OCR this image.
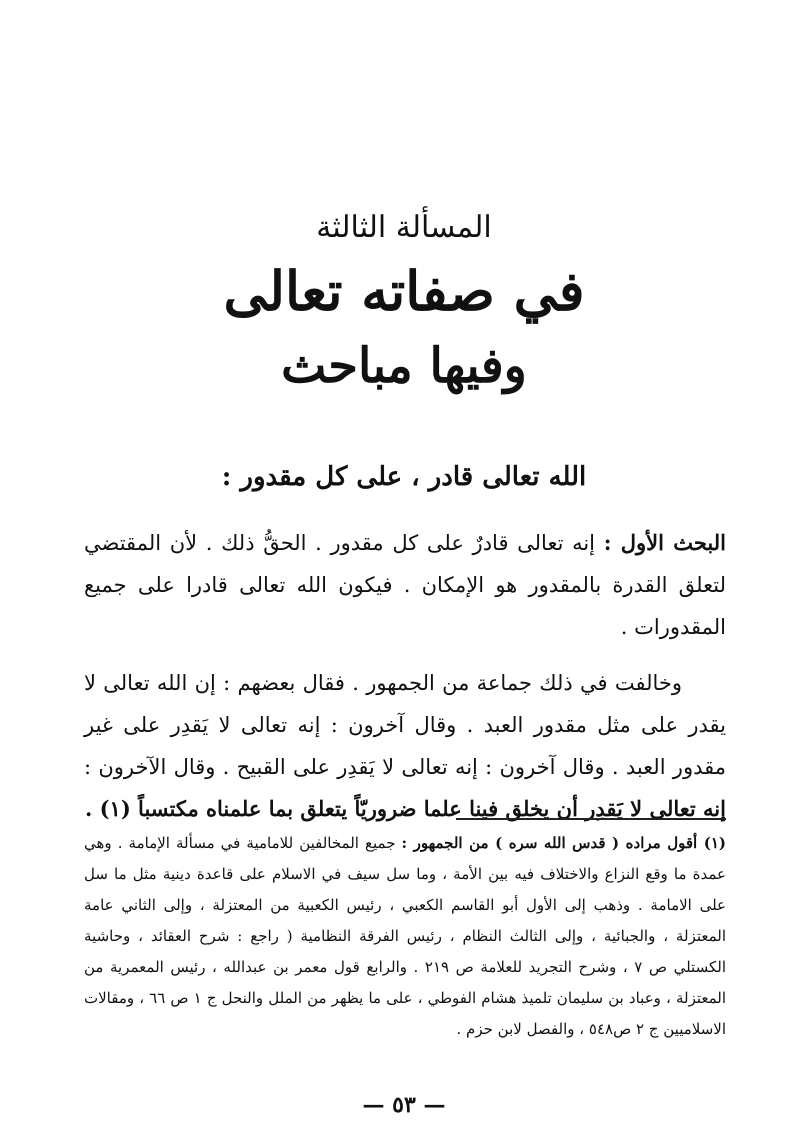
المسألة الثالثة
في صفاته تعالى
وفيها مباحث
الله تعالى قادر ، على كل مقدور :

البحث الأول : إنه تعالى قادرٌ على كل مقدور . الحقُّ ذلك . لأن المقتضي لتعلق القدرة بالمقدور هو الإمكان . فيكون الله تعالى قادرا على جميع المقدورات .

وخالفت في ذلك جماعة من الجمهور . فقال بعضهم : إن الله تعالى لا يقدر على مثل مقدور العبد . وقال آخرون : إنه تعالى لا يَقدِر على غير مقدور العبد . وقال آخرون : إنه تعالى لا يَقدِر على القبيح . وقال الآخرون : إنه تعالى لا يَقدِر أن يخلق فينا علما ضروريّاً يتعلق بما علمناه مكتسباً (١) .

(١) أقول مراده ( قدس الله سره ) من الجمهور : جميع المخالفين للامامية في مسألة الإمامة . وهي عمدة ما وقع النزاع والاختلاف فيه بين الأمة ، وما سل سيف في الاسلام على قاعدة دينية مثل ما سل على الامامة . وذهب إلى الأول أبو القاسم الكعبي ، رئيس الكعبية من المعتزلة ، وإلى الثاني عامة المعتزلة ، والجبائية ، وإلى الثالث النظام ، رئيس الفرقة النظامية ( راجع : شرح العقائد ، وحاشية الكستلي ص ٧ ، وشرح التجريد للعلامة ص ٢١٩ . والرابع قول معمر بن عبدالله ، رئيس المعمرية من المعتزلة ، وعباد بن سليمان تلميذ هشام الفوطي ، على ما يظهر من الملل والنحل ج ١ ص ٦٦ ، ومقالات الاسلاميين ج ٢ ص٥٤٨ ، والفصل لابن حزم .

— ٥٣ —
